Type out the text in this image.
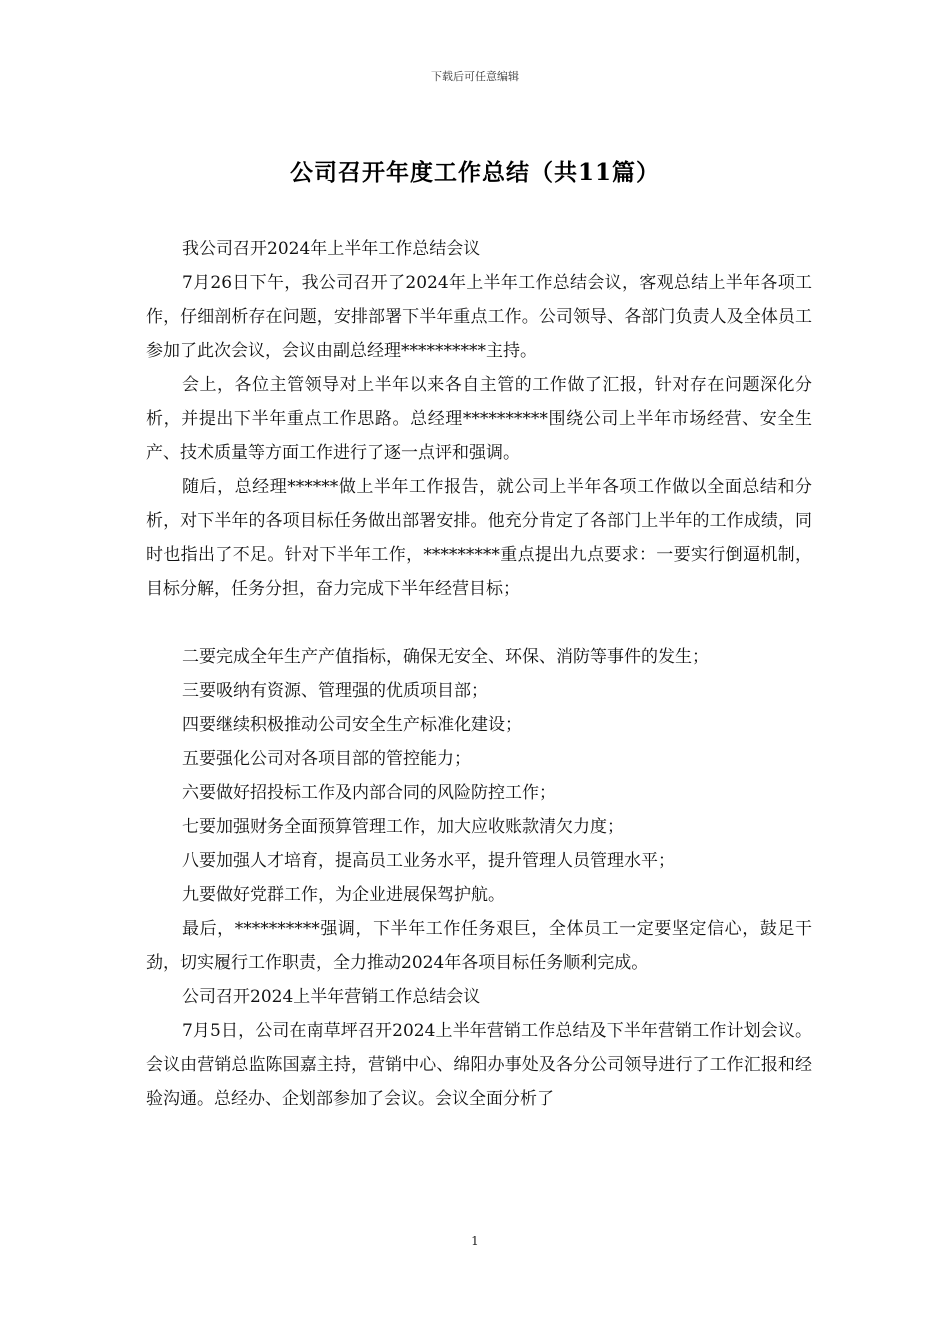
下载后可任意编辑
公司召开年度工作总结（共11篇）

我公司召开2024年上半年工作总结会议

7月26日下午，我公司召开了2024年上半年工作总结会议，客观总结上半年各项工作，仔细剖析存在问题，安排部署下半年重点工作。公司领导、各部门负责人及全体员工参加了此次会议，会议由副总经理**********主持。

会上，各位主管领导对上半年以来各自主管的工作做了汇报，针对存在问题深化分析，并提出下半年重点工作思路。总经理**********围绕公司上半年市场经营、安全生产、技术质量等方面工作进行了逐一点评和强调。

随后，总经理******做上半年工作报告，就公司上半年各项工作做以全面总结和分析，对下半年的各项目标任务做出部署安排。他充分肯定了各部门上半年的工作成绩，同时也指出了不足。针对下半年工作，*********重点提出九点要求：一要实行倒逼机制，目标分解，任务分担，奋力完成下半年经营目标；

二要完成全年生产产值指标，确保无安全、环保、消防等事件的发生；

三要吸纳有资源、管理强的优质项目部；

四要继续积极推动公司安全生产标准化建设；

五要强化公司对各项目部的管控能力；

六要做好招投标工作及内部合同的风险防控工作；

七要加强财务全面预算管理工作，加大应收账款清欠力度；

八要加强人才培育，提高员工业务水平，提升管理人员管理水平；

九要做好党群工作，为企业进展保驾护航。

最后，**********强调，下半年工作任务艰巨，全体员工一定要坚定信心，鼓足干劲，切实履行工作职责，全力推动2024年各项目标任务顺利完成。

公司召开2024上半年营销工作总结会议

7月5日，公司在南草坪召开2024上半年营销工作总结及下半年营销工作计划会议。会议由营销总监陈国嘉主持，营销中心、绵阳办事处及各分公司领导进行了工作汇报和经验沟通。总经办、企划部参加了会议。会议全面分析了

1
